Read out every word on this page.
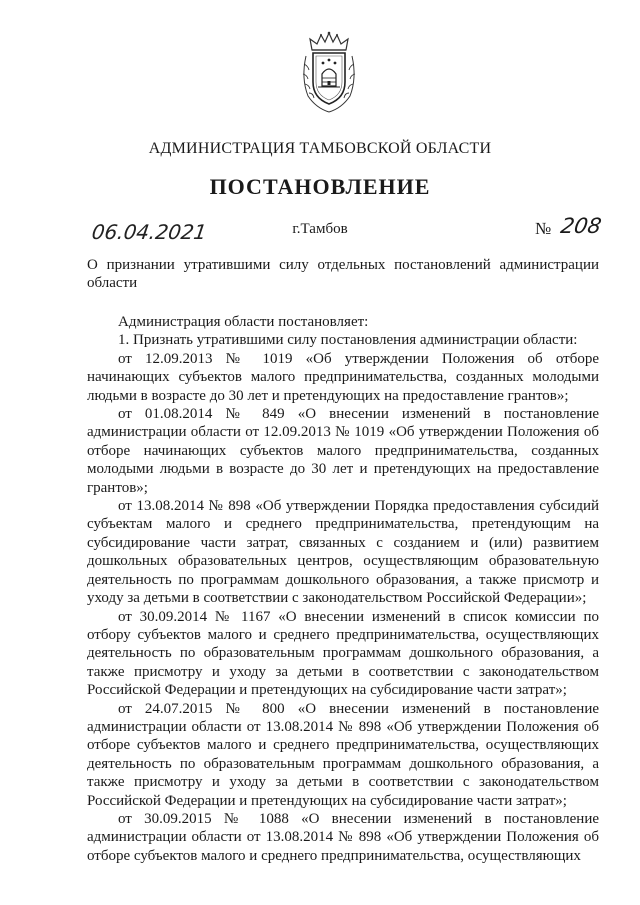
АДМИНИСТРАЦИЯ ТАМБОВСКОЙ ОБЛАСТИ
ПОСТАНОВЛЕНИЕ
06.04.2021	г.Тамбов	№ 208
О признании утратившими силу отдельных постановлений администрации области

Администрация области постановляет:

1. Признать утратившими силу постановления администрации области:

от 12.09.2013 № 1019 «Об утверждении Положения об отборе начинающих субъектов малого предпринимательства, созданных молодыми людьми в возрасте до 30 лет и претендующих на предоставление грантов»;

от 01.08.2014 № 849 «О внесении изменений в постановление администрации области от 12.09.2013 № 1019 «Об утверждении Положения об отборе начинающих субъектов малого предпринимательства, созданных молодыми людьми в возрасте до 30 лет и претендующих на предоставление грантов»;

от 13.08.2014 № 898 «Об утверждении Порядка предоставления субсидий субъектам малого и среднего предпринимательства, претендующим на субсидирование части затрат, связанных с созданием и (или) развитием дошкольных образовательных центров, осуществляющим образовательную деятельность по программам дошкольного образования, а также присмотр и уходу за детьми в соответствии с законодательством Российской Федерации»;

от 30.09.2014 № 1167 «О внесении изменений в список комиссии по отбору субъектов малого и среднего предпринимательства, осуществляющих деятельность по образовательным программам дошкольного образования, а также присмотру и уходу за детьми в соответствии с законодательством Российской Федерации и претендующих на субсидирование части затрат»;

от 24.07.2015 № 800 «О внесении изменений в постановление администрации области от 13.08.2014 № 898 «Об утверждении Положения об отборе субъектов малого и среднего предпринимательства, осуществляющих деятельность по образовательным программам дошкольного образования, а также присмотру и уходу за детьми в соответствии с законодательством Российской Федерации и претендующих на субсидирование части затрат»;

от 30.09.2015 № 1088 «О внесении изменений в постановление администрации области от 13.08.2014 № 898 «Об утверждении Положения об отборе субъектов малого и среднего предпринимательства, осуществляющих
